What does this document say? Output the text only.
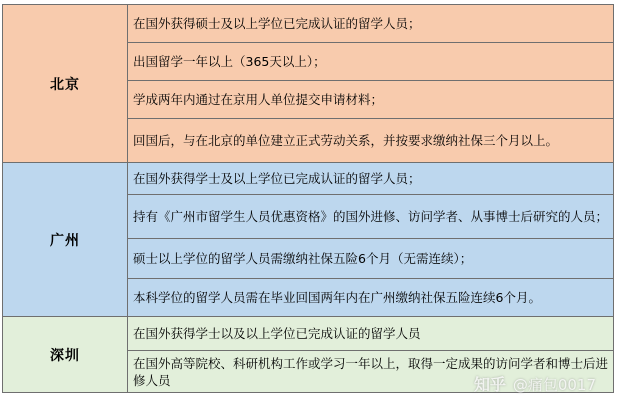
北京	在国外获得硕士及以上学位已完成认证的留学人员；
	出国留学一年以上（365天以上）；
	学成两年内通过在京用人单位提交申请材料；
	回国后，与在北京的单位建立正式劳动关系，并按要求缴纳社保三个月以上。
广州	在国外获得学士及以上学位已完成认证的留学人员；
	持有《广州市留学生人员优惠资格》的国外进修、访问学者、从事博士后研究的人员；
	硕士以上学位的留学人员需缴纳社保五险6个月（无需连续）；
	本科学位的留学人员需在毕业回国两年内在广州缴纳社保五险连续6个月。
深圳	在国外获得学士以及以上学位已完成认证的留学人员
	在国外高等院校、科研机构工作或学习一年以上，取得一定成果的访问学者和博士后进修人员	知乎 @痛包0017
